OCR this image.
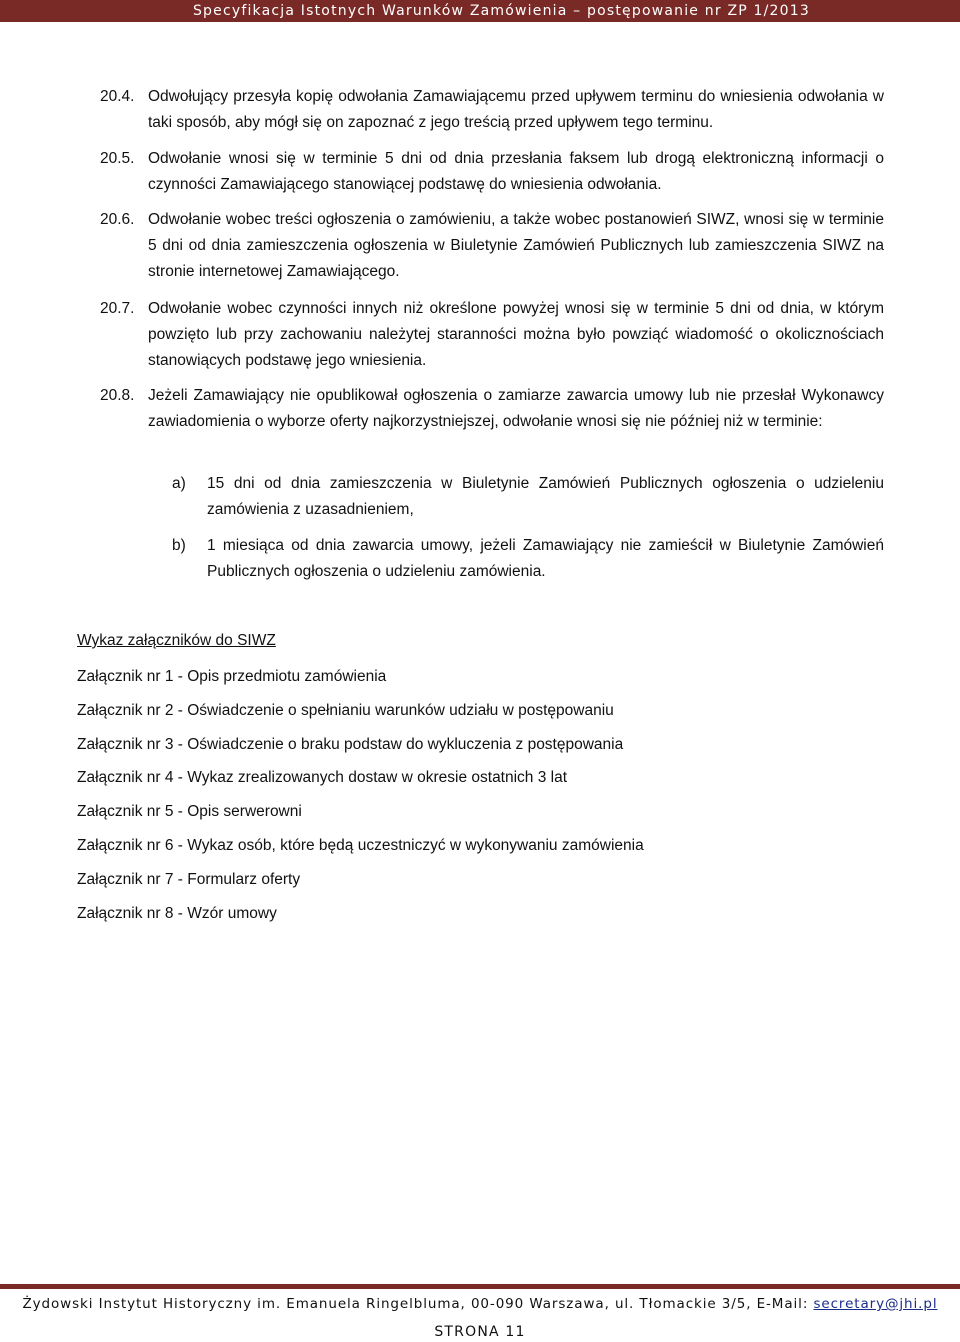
Specyfikacja Istotnych Warunków Zamówienia – postępowanie nr ZP 1/2013
20.4. Odwołujący przesyła kopię odwołania Zamawiającemu przed upływem terminu do wniesienia odwołania w taki sposób, aby mógł się on zapoznać z jego treścią przed upływem tego terminu.
20.5. Odwołanie wnosi się w terminie 5 dni od dnia przesłania faksem lub drogą elektroniczną informacji o czynności Zamawiającego stanowiącej podstawę do wniesienia odwołania.
20.6. Odwołanie wobec treści ogłoszenia o zamówieniu, a także wobec postanowień SIWZ, wnosi się w terminie 5 dni od dnia zamieszczenia ogłoszenia w Biuletynie Zamówień Publicznych lub zamieszczenia SIWZ na stronie internetowej Zamawiającego.
20.7. Odwołanie wobec czynności innych niż określone powyżej wnosi się w terminie 5 dni od dnia, w którym powzięto lub przy zachowaniu należytej staranności można było powziąć wiadomość o okolicznościach stanowiących podstawę jego wniesienia.
20.8. Jeżeli Zamawiający nie opublikował ogłoszenia o zamiarze zawarcia umowy lub nie przesłał Wykonawcy zawiadomienia o wyborze oferty najkorzystniejszej, odwołanie wnosi się nie później niż w terminie:
a) 15 dni od dnia zamieszczenia w Biuletynie Zamówień Publicznych ogłoszenia o udzieleniu zamówienia z uzasadnieniem,
b) 1 miesiąca od dnia zawarcia umowy, jeżeli Zamawiający nie zamieścił w Biuletynie Zamówień Publicznych ogłoszenia o udzieleniu zamówienia.
Wykaz załączników do SIWZ
Załącznik nr 1 - Opis przedmiotu zamówienia
Załącznik nr 2 - Oświadczenie o spełnianiu warunków udziału w postępowaniu
Załącznik nr 3 - Oświadczenie o braku podstaw do wykluczenia z postępowania
Załącznik nr 4 - Wykaz zrealizowanych dostaw w okresie ostatnich 3 lat
Załącznik nr 5 - Opis serwerowni
Załącznik nr 6 - Wykaz osób, które będą uczestniczyć w wykonywaniu zamówienia
Załącznik nr 7 - Formularz oferty
Załącznik nr 8 - Wzór umowy
Żydowski Instytut Historyczny im. Emanuela Ringelbluma, 00-090 Warszawa, ul. Tłomackie 3/5, E-Mail: secretary@jhi.pl
STRONA 11
